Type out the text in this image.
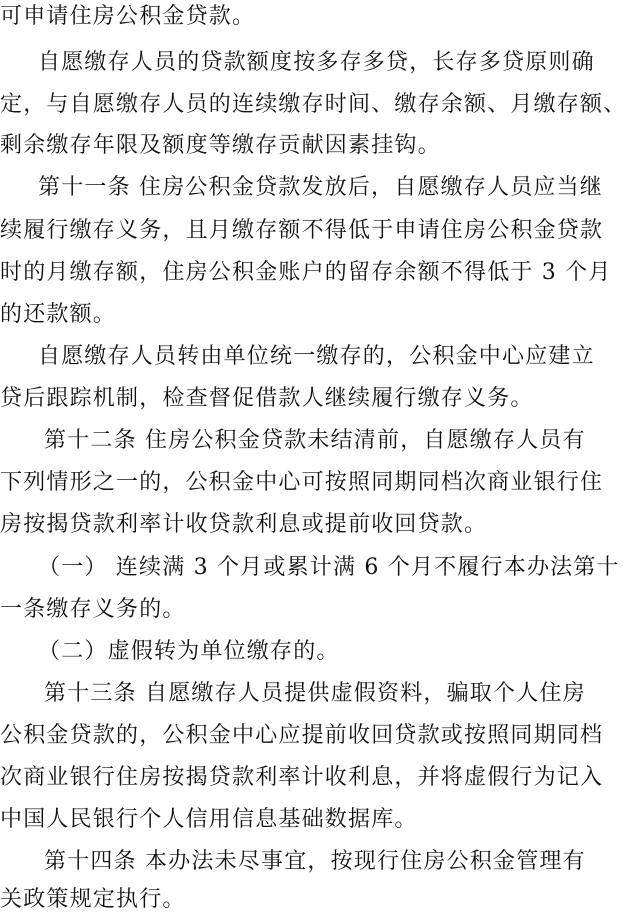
可申请住房公积金贷款。
自愿缴存人员的贷款额度按多存多贷，长存多贷原则确
定，与自愿缴存人员的连续缴存时间、缴存余额、月缴存额、
剩余缴存年限及额度等缴存贡献因素挂钩。
第十一条 住房公积金贷款发放后，自愿缴存人员应当继
续履行缴存义务，且月缴存额不得低于申请住房公积金贷款
时的月缴存额，住房公积金账户的留存余额不得低于 3 个月
的还款额。
自愿缴存人员转由单位统一缴存的，公积金中心应建立
贷后跟踪机制，检查督促借款人继续履行缴存义务。
第十二条 住房公积金贷款未结清前，自愿缴存人员有
下列情形之一的，公积金中心可按照同期同档次商业银行住
房按揭贷款利率计收贷款利息或提前收回贷款。
（一） 连续满 3 个月或累计满 6 个月不履行本办法第十
一条缴存义务的。
（二）虚假转为单位缴存的。
第十三条 自愿缴存人员提供虚假资料，骗取个人住房
公积金贷款的，公积金中心应提前收回贷款或按照同期同档
次商业银行住房按揭贷款利率计收利息，并将虚假行为记入
中国人民银行个人信用信息基础数据库。
第十四条 本办法未尽事宜，按现行住房公积金管理有
关政策规定执行。
